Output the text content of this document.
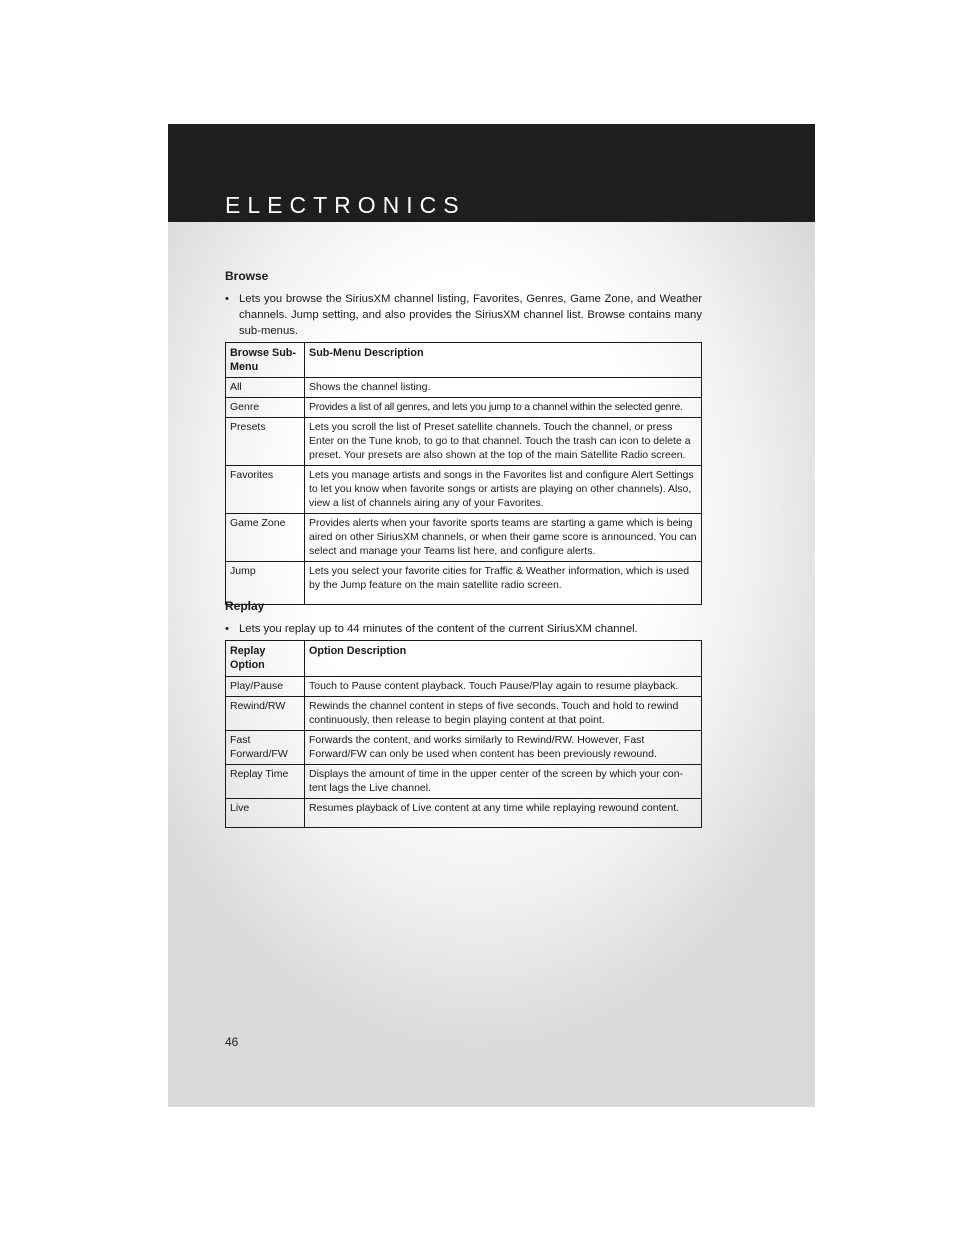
ELECTRONICS
Browse
• Lets you browse the SiriusXM channel listing, Favorites, Genres, Game Zone, and Weather channels. Jump setting, and also provides the SiriusXM channel list. Browse contains many sub-menus.
Browse Sub-Menu	Sub-Menu Description
All	Shows the channel listing.
Genre	Provides a list of all genres, and lets you jump to a channel within the selected genre.
Presets	Lets you scroll the list of Preset satellite channels. Touch the channel, or press Enter on the Tune knob, to go to that channel. Touch the trash can icon to delete a preset. Your presets are also shown at the top of the main Satellite Radio screen.
Favorites	Lets you manage artists and songs in the Favorites list and configure Alert Settings to let you know when favorite songs or artists are playing on other channels). Also, view a list of channels airing any of your Favorites.
Game Zone	Provides alerts when your favorite sports teams are starting a game which is being aired on other SiriusXM channels, or when their game score is announced. You can select and manage your Teams list here, and configure alerts.
Jump	Lets you select your favorite cities for Traffic & Weather information, which is used by the Jump feature on the main satellite radio screen.
Replay
• Lets you replay up to 44 minutes of the content of the current SiriusXM channel.
Replay Option	Option Description
Play/Pause	Touch to Pause content playback. Touch Pause/Play again to resume playback.
Rewind/RW	Rewinds the channel content in steps of five seconds. Touch and hold to rewind continuously, then release to begin playing content at that point.
Fast Forward/FW	Forwards the content, and works similarly to Rewind/RW. However, Fast Forward/FW can only be used when content has been previously rewound.
Replay Time	Displays the amount of time in the upper center of the screen by which your con-tent lags the Live channel.
Live	Resumes playback of Live content at any time while replaying rewound content.
46
